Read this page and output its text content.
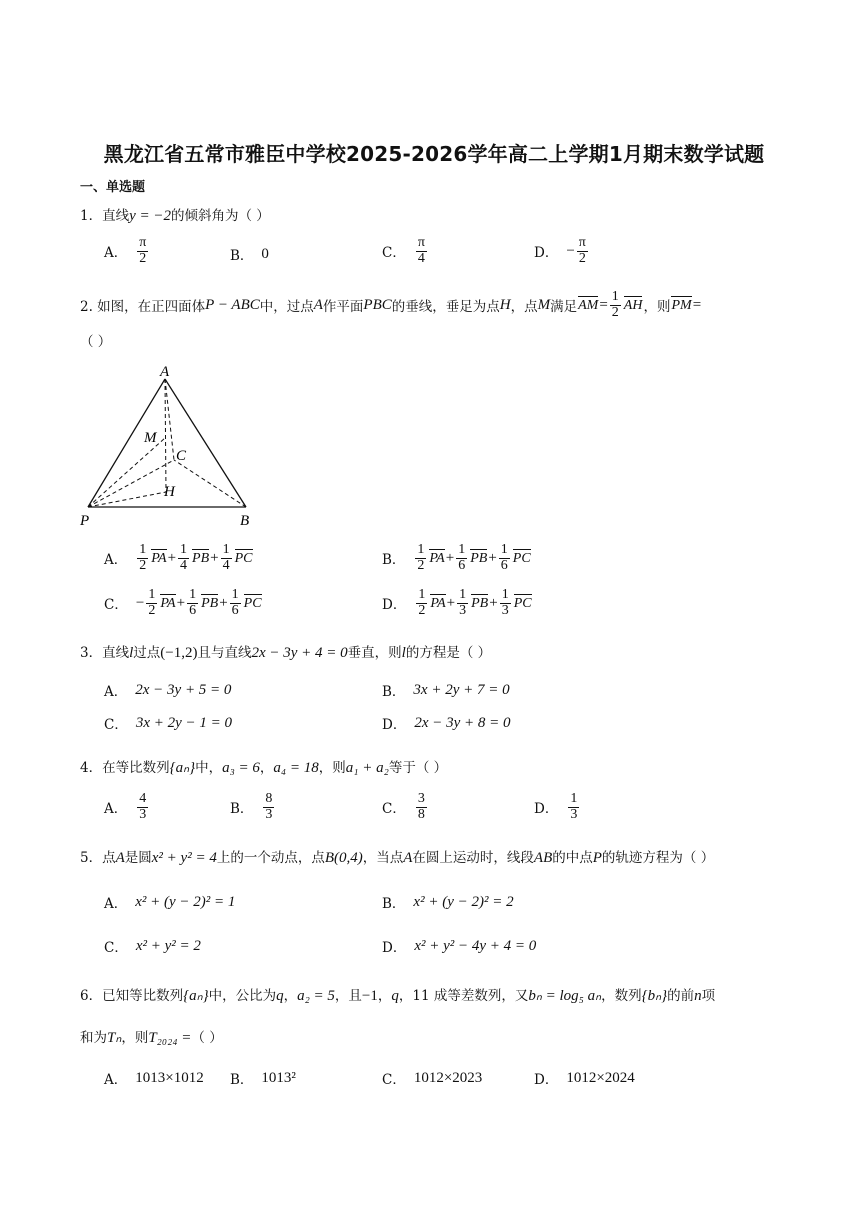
黑龙江省五常市雅臣中学校2025-2026学年高二上学期1月期末数学试题
一、单选题
1．直线y = −2的倾斜角为（ ）
A． $\frac{\pi}{2}$	B． 0	C． $\frac{\pi}{4}$	D． − $\frac{\pi}{2}$
2. 如图，在正四面体 P − ABC 中，过点 A 作平面 PBC 的垂线，垂足为点 H ，点 M 满足 AM = $\frac{1}{2}$ AH ，则 PM =
（ ）
A
M
C
H
P	B
A． $\frac{1}{2}$ PA + $\frac{1}{4}$ PB + $\frac{1}{4}$ PC	B． $\frac{1}{2}$ PA + $\frac{1}{6}$ PB + $\frac{1}{6}$ PC
C． − $\frac{1}{2}$ PA + $\frac{1}{6}$ PB + $\frac{1}{6}$ PC	D． $\frac{1}{2}$ PA + $\frac{1}{3}$ PB + $\frac{1}{3}$ PC
3．直线l过点(−1,2)且与直线2x − 3y + 4 = 0垂直，则l的方程是（ ）
A． 2x − 3y + 5 = 0	B． 3x + 2y + 7 = 0
C． 3x + 2y − 1 = 0	D． 2x − 3y + 8 = 0
4．在等比数列{aₙ}中，a₃ = 6，a₄ = 18，则a₁ + a₂等于（ ）
A． $\frac{4}{3}$	B． $\frac{8}{3}$	C． $\frac{3}{8}$	D． $\frac{1}{3}$
5．点A是圆x² + y² = 4上的一个动点，点B(0,4)，当点A在圆上运动时，线段AB的中点P的轨迹方程为（ ）
A． x² + (y − 2)² = 1	B． x² + (y − 2)² = 2
C． x² + y² = 2	D． x² + y² − 4y + 4 = 0
6．已知等比数列{aₙ}中，公比为q，a₂ = 5，且−1，q，11 成等差数列，又bₙ = log₅ aₙ，数列{bₙ}的前n项
和为Tₙ，则T₂₀₂₄ =（ ）
A． 1013×1012 B． 1013²	C． 1012×2023	D． 1012×2024
